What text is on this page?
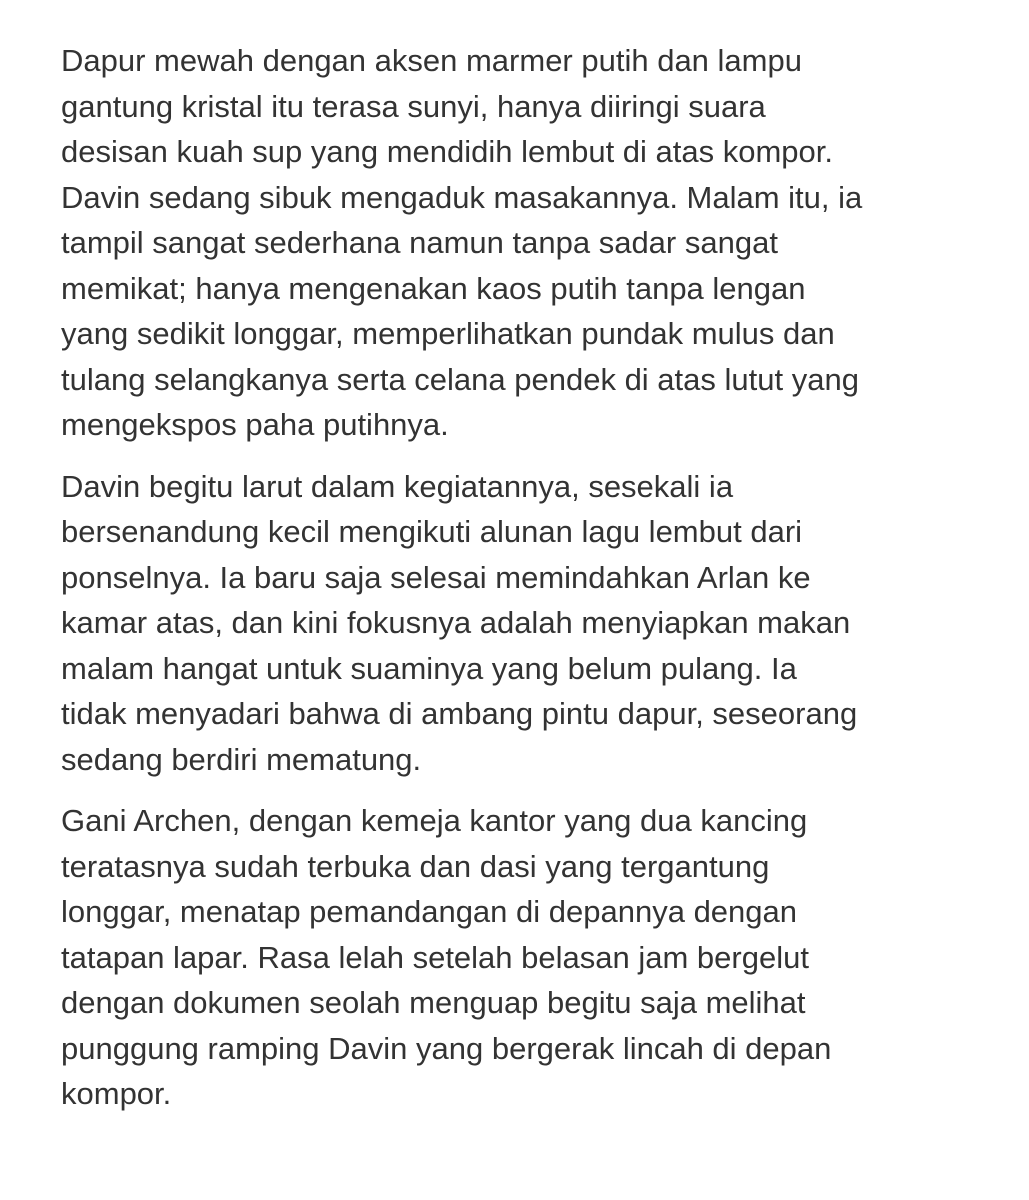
Dapur mewah dengan aksen marmer putih dan lampu
gantung kristal itu terasa sunyi, hanya diiringi suara
desisan kuah sup yang mendidih lembut di atas kompor.
Davin sedang sibuk mengaduk masakannya. Malam itu, ia
tampil sangat sederhana namun tanpa sadar sangat
memikat; hanya mengenakan kaos putih tanpa lengan
yang sedikit longgar, memperlihatkan pundak mulus dan
tulang selangkanya serta celana pendek di atas lutut yang
mengekspos paha putihnya.

Davin begitu larut dalam kegiatannya, sesekali ia
bersenandung kecil mengikuti alunan lagu lembut dari
ponselnya. Ia baru saja selesai memindahkan Arlan ke
kamar atas, dan kini fokusnya adalah menyiapkan makan
malam hangat untuk suaminya yang belum pulang. Ia
tidak menyadari bahwa di ambang pintu dapur, seseorang
sedang berdiri mematung.

Gani Archen, dengan kemeja kantor yang dua kancing
teratasnya sudah terbuka dan dasi yang tergantung
longgar, menatap pemandangan di depannya dengan
tatapan lapar. Rasa lelah setelah belasan jam bergelut
dengan dokumen seolah menguap begitu saja melihat
punggung ramping Davin yang bergerak lincah di depan
kompor.
